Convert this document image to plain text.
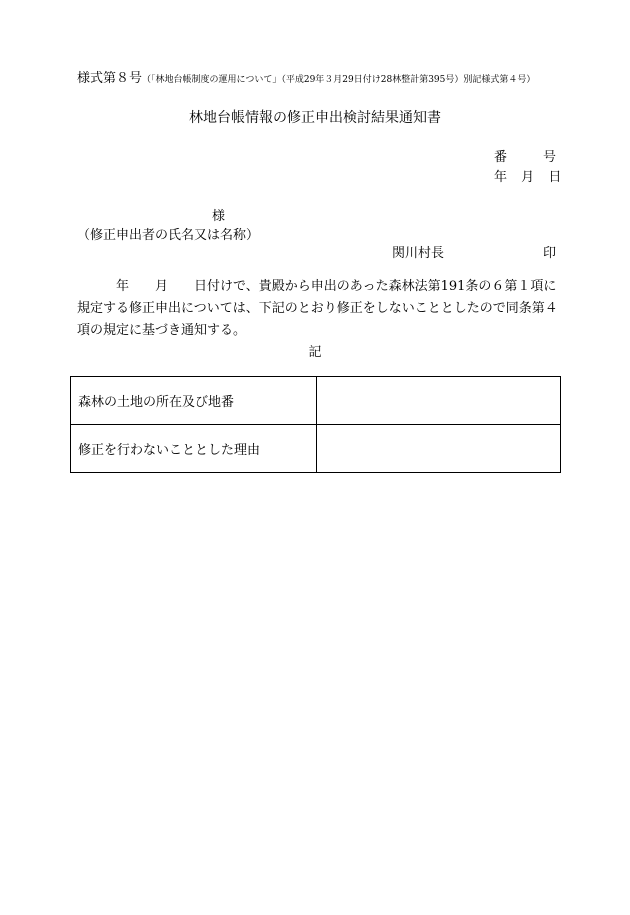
様式第８号（「林地台帳制度の運用について」（平成29年３月29日付け28林整計第395号）別記様式第４号）
林地台帳情報の修正申出検討結果通知書
番	号
年 月 日
様
（修正申出者の氏名又は名称）
関川村長	印
　　　年　　月　　日付けで、貴殿から申出のあった森林法第191条の６第１項に規定する修正申出については、下記のとおり修正をしないこととしたので同条第４項の規定に基づき通知する。
記
森林の土地の所在及び地番	
修正を行わないこととした理由	
